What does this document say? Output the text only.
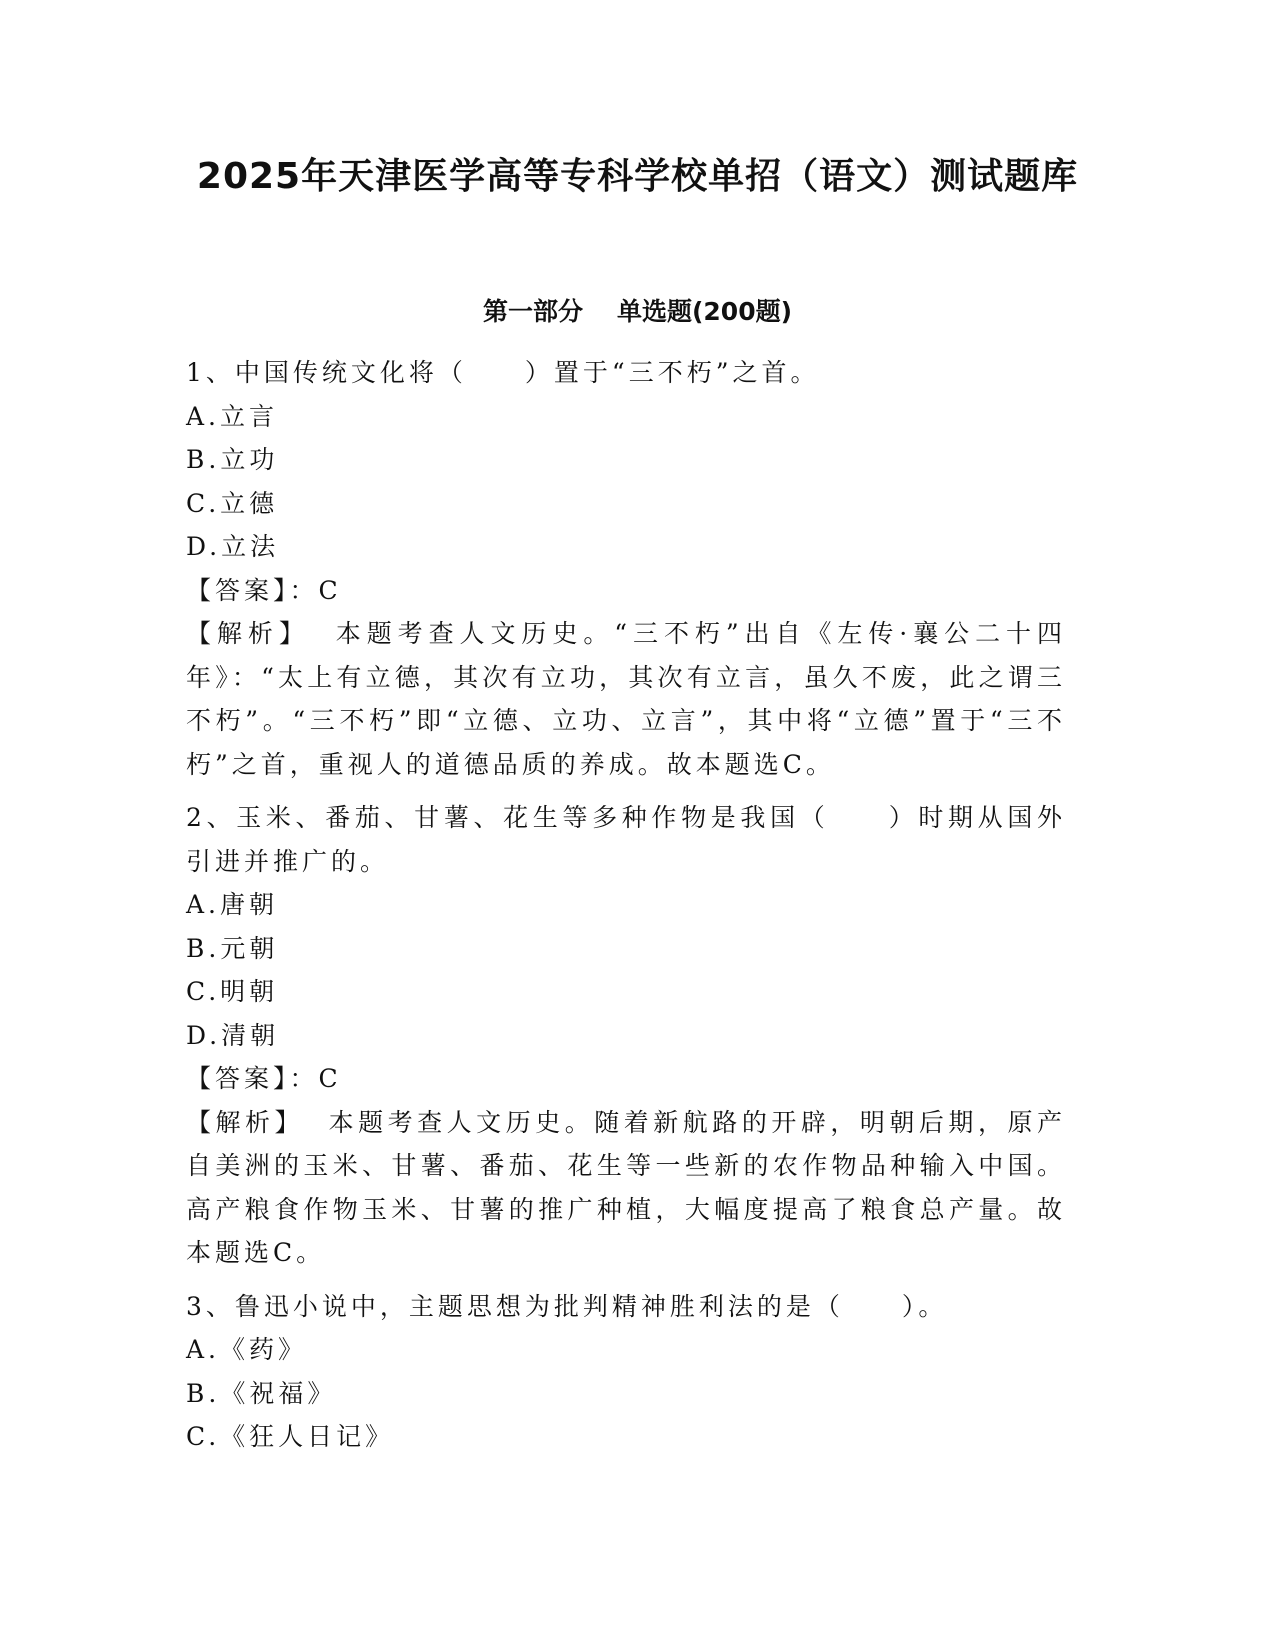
2025年天津医学高等专科学校单招（语文）测试题库
第一部分 单选题(200题)
1、中国传统文化将（　　）置于“三不朽”之首。
A.立言
B.立功
C.立德
D.立法
【答案】：C
【解析】 本题考查人文历史。“三不朽”出自《左传·襄公二十四年》：“太上有立德，其次有立功，其次有立言，虽久不废，此之谓三不朽”。“三不朽”即“立德、立功、立言”，其中将“立德”置于“三不朽”之首，重视人的道德品质的养成。故本题选C。
2、玉米、番茄、甘薯、花生等多种作物是我国（　　）时期从国外引进并推广的。
A.唐朝
B.元朝
C.明朝
D.清朝
【答案】：C
【解析】 本题考查人文历史。随着新航路的开辟，明朝后期，原产自美洲的玉米、甘薯、番茄、花生等一些新的农作物品种输入中国。高产粮食作物玉米、甘薯的推广种植，大幅度提高了粮食总产量。故本题选C。
3、鲁迅小说中，主题思想为批判精神胜利法的是（　　）。
A.《药》
B.《祝福》
C.《狂人日记》
